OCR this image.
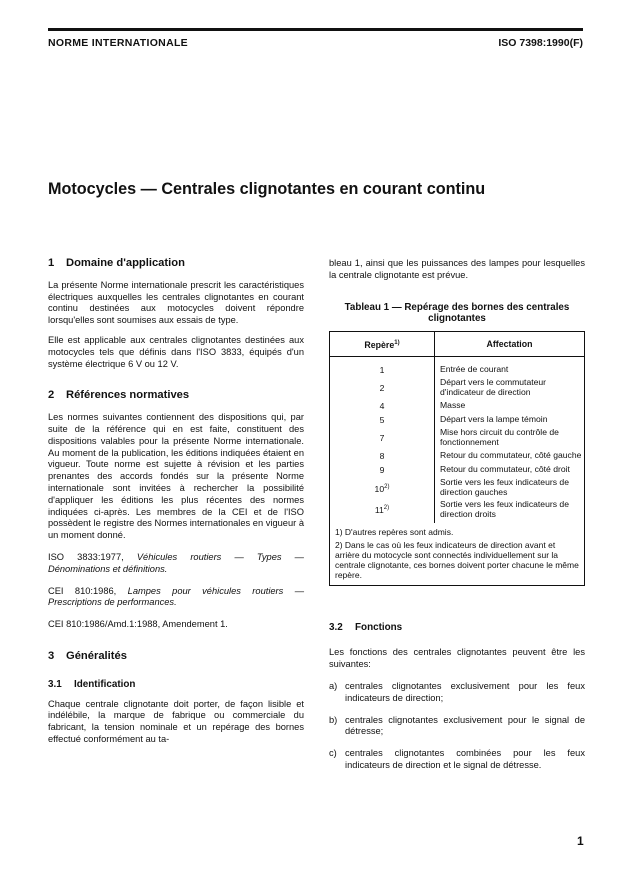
NORME INTERNATIONALE	ISO 7398:1990(F)
Motocycles — Centrales clignotantes en courant continu
1 Domaine d'application

La présente Norme internationale prescrit les caractéristiques électriques auxquelles les centrales clignotantes en courant continu destinées aux motocycles doivent répondre lorsqu'elles sont soumises aux essais de type.

Elle est applicable aux centrales clignotantes destinées aux motocycles tels que définis dans l'ISO 3833, équipés d'un système électrique 6 V ou 12 V.

2 Références normatives

Les normes suivantes contiennent des dispositions qui, par suite de la référence qui en est faite, constituent des dispositions valables pour la présente Norme internationale. Au moment de la publication, les éditions indiquées étaient en vigueur. Toute norme est sujette à révision et les parties prenantes des accords fondés sur la présente Norme internationale sont invitées à rechercher la possibilité d'appliquer les éditions les plus récentes des normes indiquées ci-après. Les membres de la CEI et de l'ISO possèdent le registre des Normes internationales en vigueur à un moment donné.

ISO 3833:1977, Véhicules routiers — Types — Dénominations et définitions.

CEI 810:1986, Lampes pour véhicules routiers — Prescriptions de performances.

CEI 810:1986/Amd.1:1988, Amendement 1.

3 Généralités
3.1 Identification

Chaque centrale clignotante doit porter, de façon lisible et indélébile, la marque de fabrique ou commerciale du fabricant, la tension nominale et un repérage des bornes effectué conformément au ta-

bleau 1, ainsi que les puissances des lampes pour lesquelles la centrale clignotante est prévue.

Tableau 1 — Repérage des bornes des centrales
clignotantes
Repère$^{1)}$	Affectation
1	Entrée de courant
2	Départ vers le commutateur d'indicateur de direction
4	Masse
5	Départ vers la lampe témoin
7	Mise hors circuit du contrôle de fonctionnement
8	Retour du commutateur, côté gauche
9	Retour du commutateur, côté droit
10$^{2)}$	Sortie vers les feux indicateurs de direction gauches
11$^{2)}$	Sortie vers les feux indicateurs de direction droits
1) D'autres repères sont admis.
2) Dans le cas où les feux indicateurs de direction avant et arrière du motocycle sont connectés individuellement sur la centrale clignotante, ces bornes doivent porter chacune le même repère.
3.2 Fonctions

Les fonctions des centrales clignotantes peuvent être les suivantes:

a) centrales clignotantes exclusivement pour les feux indicateurs de direction;
b) centrales clignotantes exclusivement pour le signal de détresse;
c) centrales clignotantes combinées pour les feux indicateurs de direction et le signal de détresse.
1
